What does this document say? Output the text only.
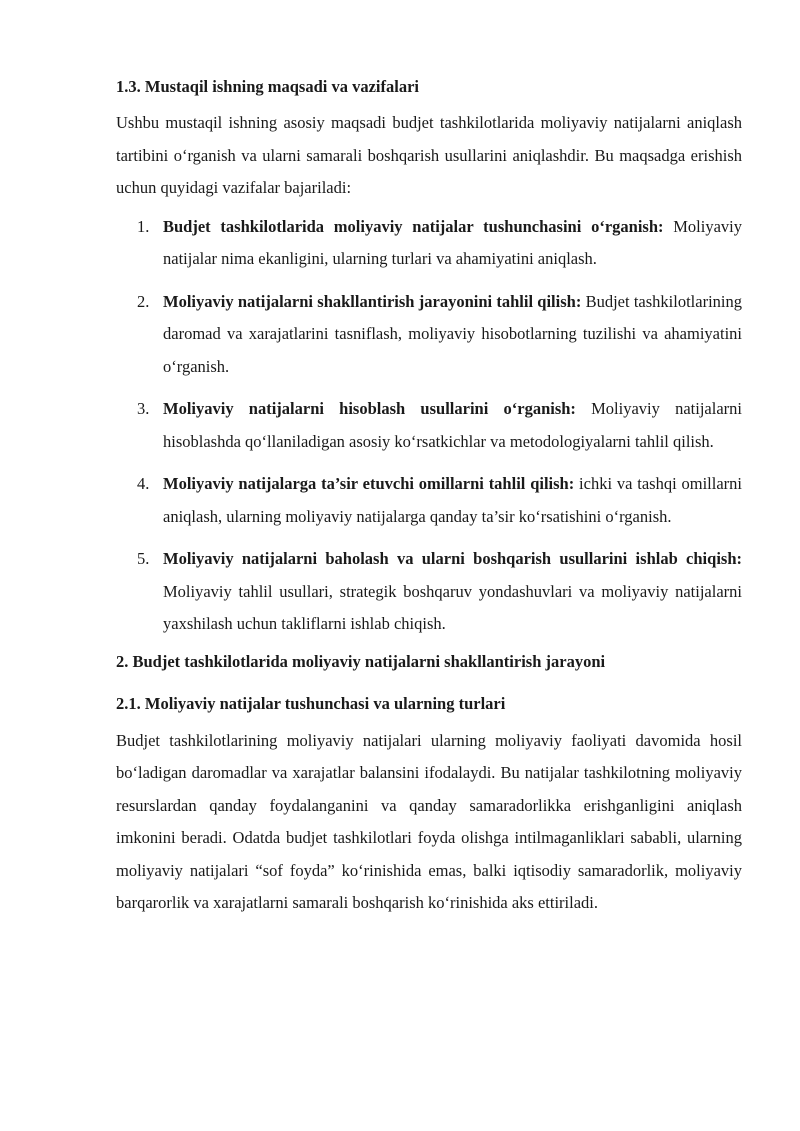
1.3. Mustaqil ishning maqsadi va vazifalari

Ushbu mustaqil ishning asosiy maqsadi budjet tashkilotlarida moliyaviy natijalarni aniqlash tartibini o‘rganish va ularni samarali boshqarish usullarini aniqlashdir. Bu maqsadga erishish uchun quyidagi vazifalar bajariladi:

1. Budjet tashkilotlarida moliyaviy natijalar tushunchasini o‘rganish: Moliyaviy natijalar nima ekanligini, ularning turlari va ahamiyatini aniqlash.
2. Moliyaviy natijalarni shakllantirish jarayonini tahlil qilish: Budjet tashkilotlarining daromad va xarajatlarini tasniflash, moliyaviy hisobotlarning tuzilishi va ahamiyatini o‘rganish.
3. Moliyaviy natijalarni hisoblash usullarini o‘rganish: Moliyaviy natijalarni hisoblashda qo‘llaniladigan asosiy ko‘rsatkichlar va metodologiyalarni tahlil qilish.
4. Moliyaviy natijalarga ta’sir etuvchi omillarni tahlil qilish: ichki va tashqi omillarni aniqlash, ularning moliyaviy natijalarga qanday ta’sir ko‘rsatishini o‘rganish.
5. Moliyaviy natijalarni baholash va ularni boshqarish usullarini ishlab chiqish: Moliyaviy tahlil usullari, strategik boshqaruv yondashuvlari va moliyaviy natijalarni yaxshilash uchun takliflarni ishlab chiqish.

2. Budjet tashkilotlarida moliyaviy natijalarni shakllantirish jarayoni

2.1. Moliyaviy natijalar tushunchasi va ularning turlari

Budjet tashkilotlarining moliyaviy natijalari ularning moliyaviy faoliyati davomida hosil bo‘ladigan daromadlar va xarajatlar balansini ifodalaydi. Bu natijalar tashkilotning moliyaviy resurslardan qanday foydalanganini va qanday samaradorlikka erishganligini aniqlash imkonini beradi. Odatda budjet tashkilotlari foyda olishga intilmaganliklari sababli, ularning moliyaviy natijalari “sof foyda” ko‘rinishida emas, balki iqtisodiy samaradorlik, moliyaviy barqarorlik va xarajatlarni samarali boshqarish ko‘rinishida aks ettiriladi.
